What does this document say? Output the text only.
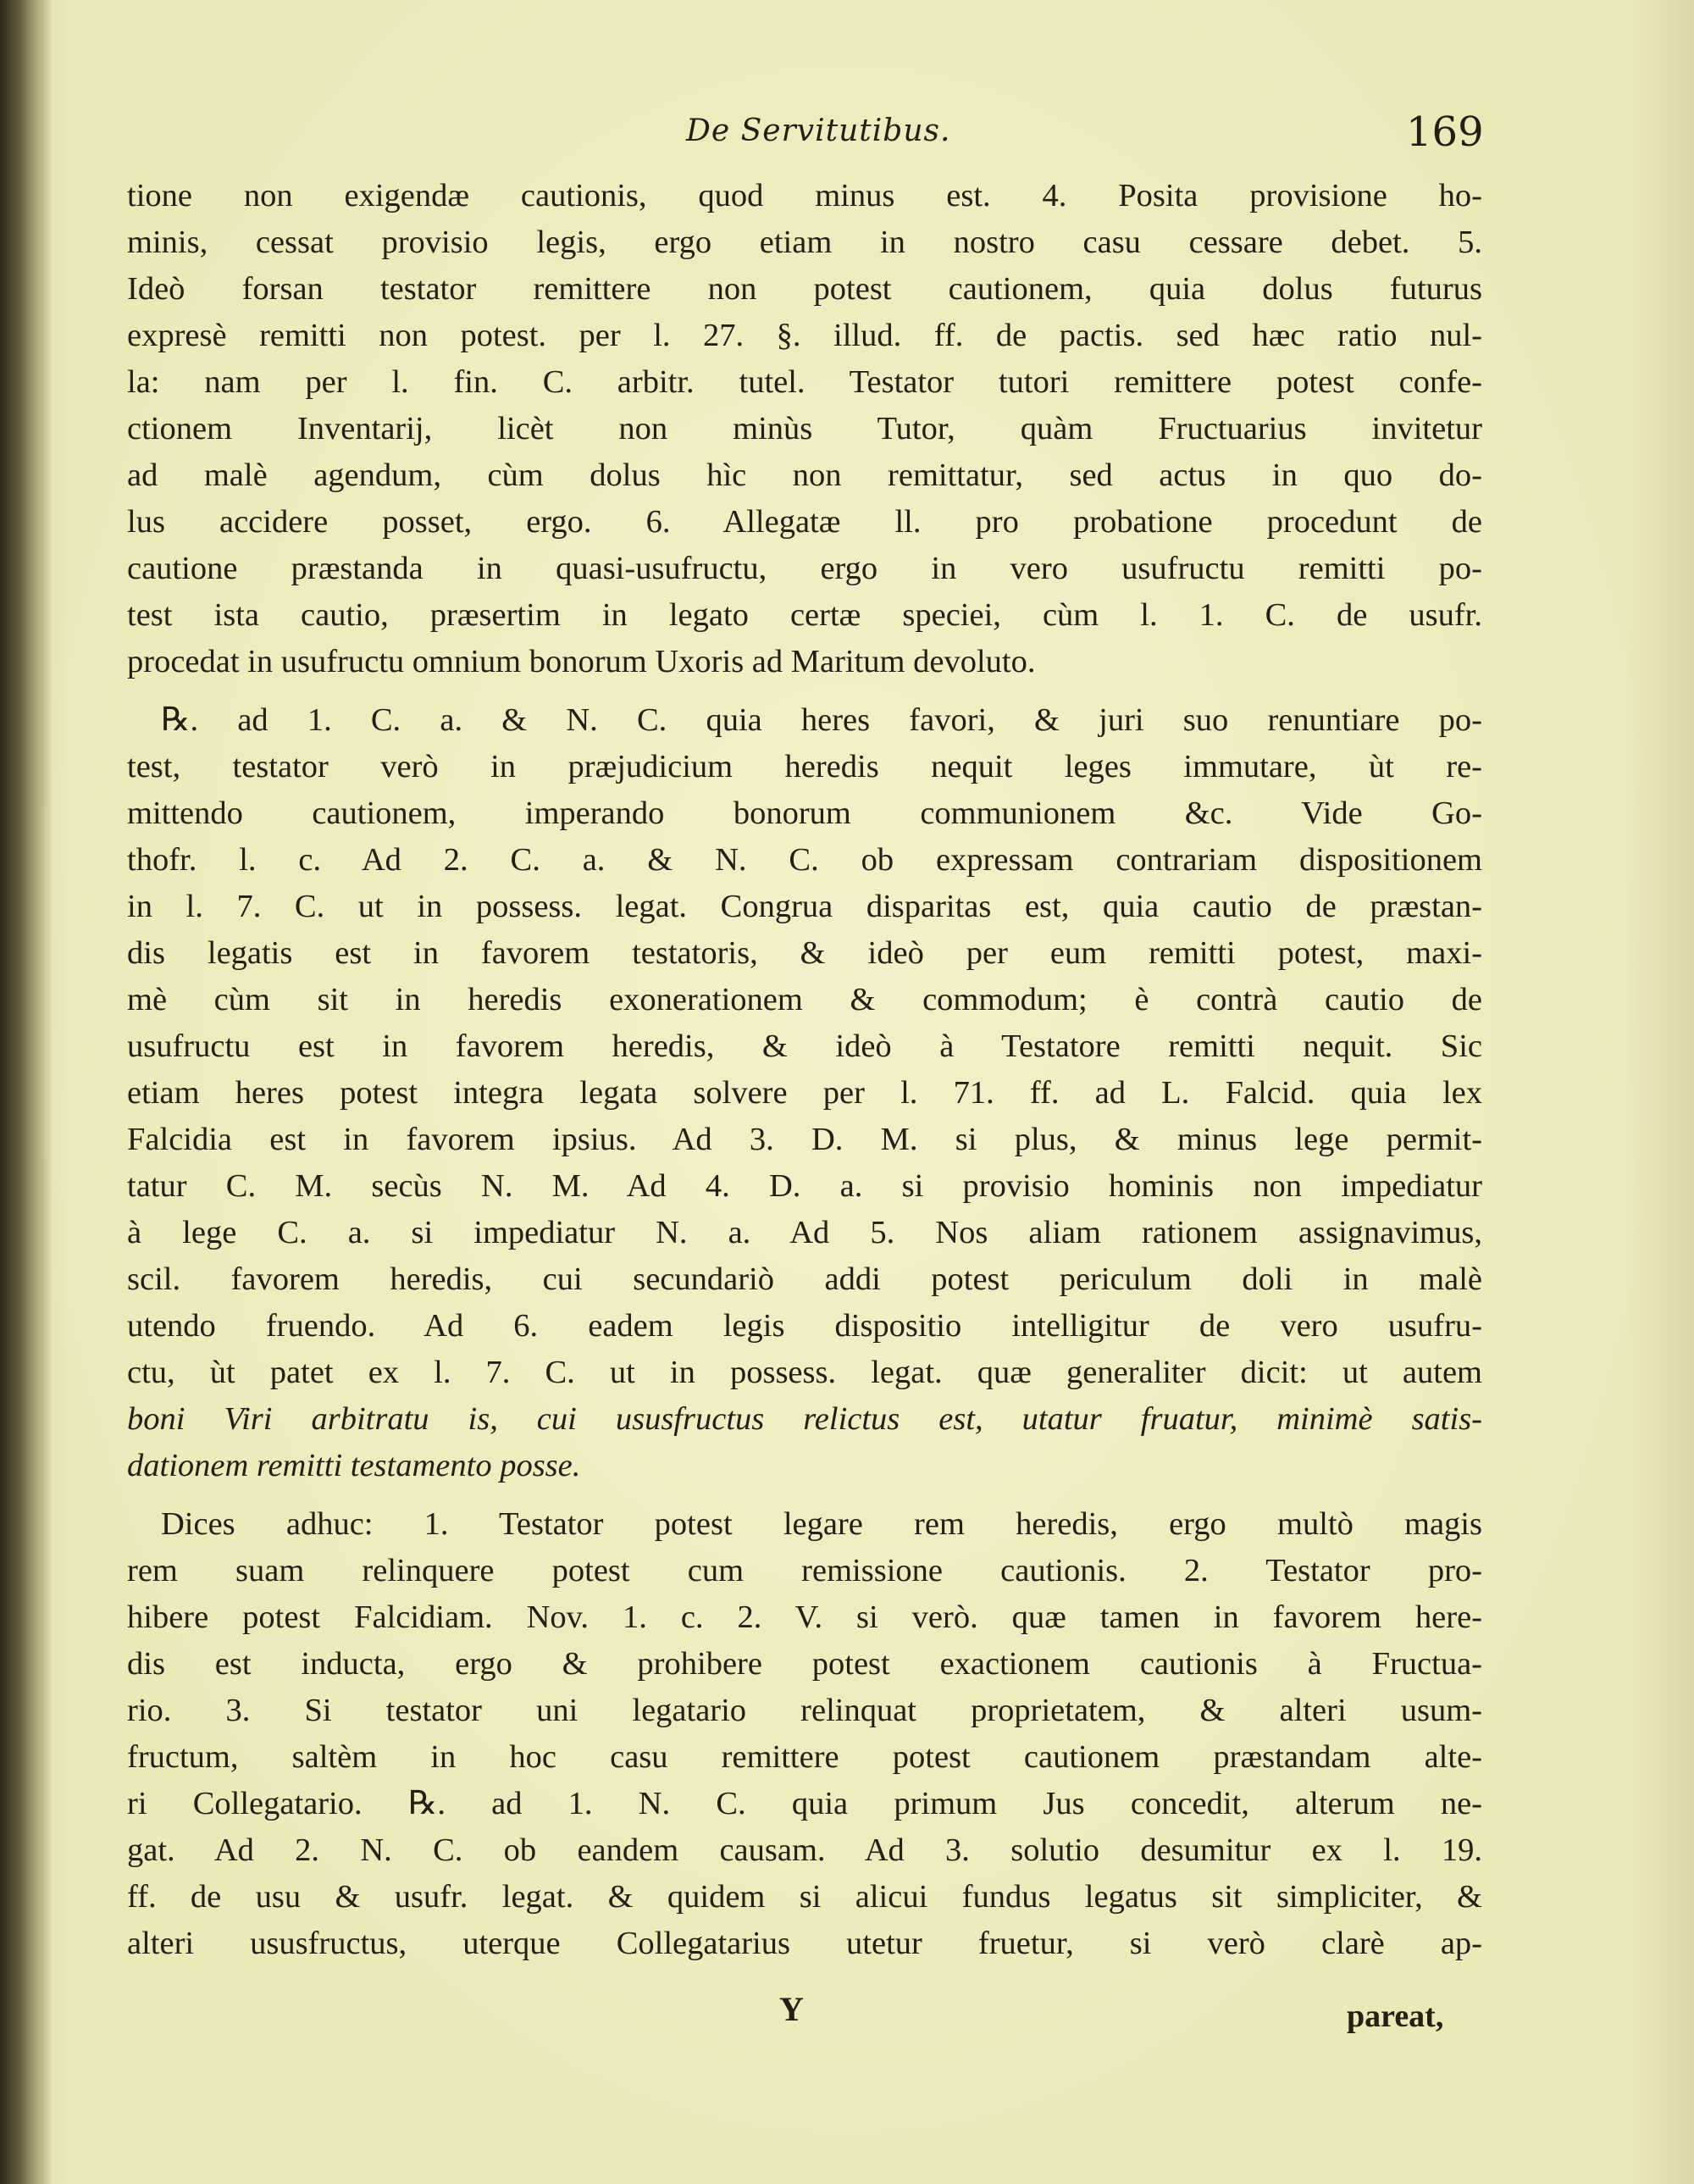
De Servitutibus.	169
tione non exigendæ cautionis, quod minus est. 4. Posita provisione ho-
minis, cessat provisio legis, ergo etiam in nostro casu cessare debet. 5.
Ideò forsan testator remittere non potest cautionem, quia dolus futurus
expresè remitti non potest. per l. 27. §. illud. ff. de pactis. sed hæc ratio nul-
la: nam per l. fin. C. arbitr. tutel. Testator tutori remittere potest confe-
ctionem Inventarij, licèt non minùs Tutor, quàm Fructuarius invitetur
ad malè agendum, cùm dolus hìc non remittatur, sed actus in quo do-
lus accidere posset, ergo. 6. Allegatæ ll. pro probatione procedunt de
cautione præstanda in quasi-usufructu, ergo in vero usufructu remitti po-
test ista cautio, præsertim in legato certæ speciei, cùm l. 1. C. de usufr.
procedat in usufructu omnium bonorum Uxoris ad Maritum devoluto.
℞. ad 1. C. a. & N. C. quia heres favori, & juri suo renuntiare po-
test, testator verò in præjudicium heredis nequit leges immutare, ùt re-
mittendo cautionem, imperando bonorum communionem &c. Vide Go-
thofr. l. c. Ad 2. C. a. & N. C. ob expressam contrariam dispositionem
in l. 7. C. ut in possess. legat. Congrua disparitas est, quia cautio de præstan-
dis legatis est in favorem testatoris, & ideò per eum remitti potest, maxi-
mè cùm sit in heredis exonerationem & commodum; è contrà cautio de
usufructu est in favorem heredis, & ideò à Testatore remitti nequit. Sic
etiam heres potest integra legata solvere per l. 71. ff. ad L. Falcid. quia lex
Falcidia est in favorem ipsius. Ad 3. D. M. si plus, & minus lege permit-
tatur C. M. secùs N. M. Ad 4. D. a. si provisio hominis non impediatur
à lege C. a. si impediatur N. a. Ad 5. Nos aliam rationem assignavimus,
scil. favorem heredis, cui secundariò addi potest periculum doli in malè
utendo fruendo. Ad 6. eadem legis dispositio intelligitur de vero usufru-
ctu, ùt patet ex l. 7. C. ut in possess. legat. quæ generaliter dicit: ut autem
boni Viri arbitratu is, cui ususfructus relictus est, utatur fruatur, minimè satis-
dationem remitti testamento posse.
Dices adhuc: 1. Testator potest legare rem heredis, ergo multò magis
rem suam relinquere potest cum remissione cautionis. 2. Testator pro-
hibere potest Falcidiam. Nov. 1. c. 2. V. si verò. quæ tamen in favorem here-
dis est inducta, ergo & prohibere potest exactionem cautionis à Fructua-
rio. 3. Si testator uni legatario relinquat proprietatem, & alteri usum-
fructum, saltèm in hoc casu remittere potest cautionem præstandam alte-
ri Collegatario. ℞. ad 1. N. C. quia primum Jus concedit, alterum ne-
gat. Ad 2. N. C. ob eandem causam. Ad 3. solutio desumitur ex l. 19.
ff. de usu & usufr. legat. & quidem si alicui fundus legatus sit simpliciter, &
alteri ususfructus, uterque Collegatarius utetur fruetur, si verò clarè ap-
Y	pareat,
